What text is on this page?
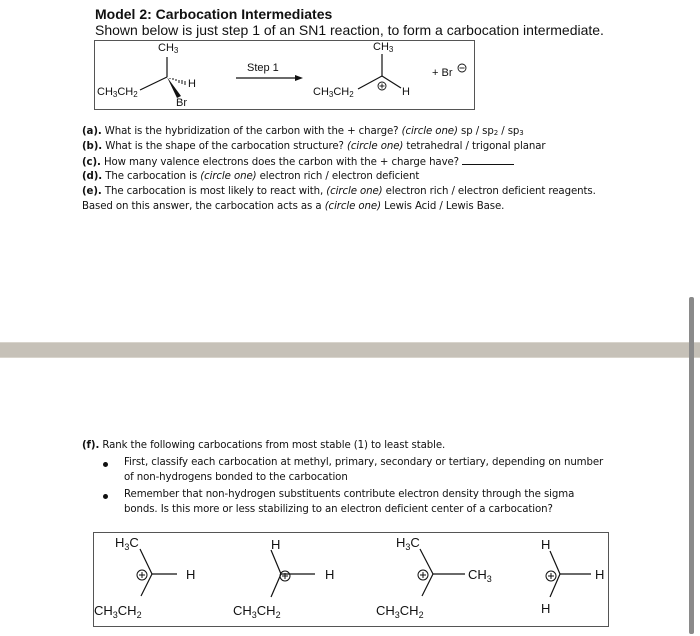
Model 2: Carbocation Intermediates
Shown below is just step 1 of an SN1 reaction, to form a carbocation intermediate.
$CH_3$
$CH_3CH_2$
H
Br
Step 1
$CH_3$
$CH_3CH_2$	H
+ Br
(a). What is the hybridization of the carbon with the + charge? (circle one) sp / $sp_2 / sp_3$
(b). What is the shape of the carbocation structure? (circle one) tetrahedral / trigonal planar
(c). How many valence electrons does the carbon with the + charge have?
(d). The carbocation is (circle one) electron rich / electron deficient
(e). The carbocation is most likely to react with, (circle one) electron rich / electron deficient reagents.
Based on this answer, the carbocation acts as a (circle one) Lewis Acid / Lewis Base.
(f). Rank the following carbocations from most stable (1) to least stable.
First, classify each carbocation at methyl, primary, secondary or tertiary, depending on number
of non-hydrogens bonded to the carbocation
Remember that non-hydrogen substituents contribute electron density through the sigma
bonds. Is this more or less stabilizing to an electron deficient center of a carbocation?
$H_3C$
H
$CH_3CH_2$
H
H
$CH_3CH_2$
$H_3C$
$CH_3$
$CH_3CH_2$
H
H
H
